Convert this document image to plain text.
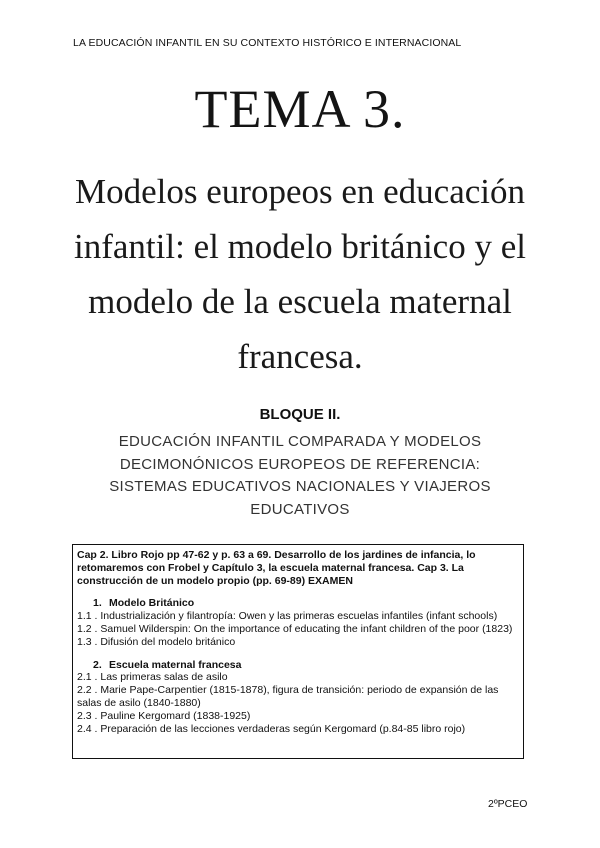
LA EDUCACIÓN INFANTIL EN SU CONTEXTO HISTÓRICO E INTERNACIONAL
TEMA 3.
Modelos europeos en educación infantil: el modelo británico y el modelo de la escuela maternal francesa.
BLOQUE II.
EDUCACIÓN INFANTIL COMPARADA Y MODELOS DECIMONÓNICOS EUROPEOS DE REFERENCIA: SISTEMAS EDUCATIVOS NACIONALES Y VIAJEROS EDUCATIVOS

Cap 2. Libro Rojo pp 47-62 y p. 63 a 69. Desarrollo de los jardines de infancia, lo retomaremos con Frobel y Capítulo 3, la escuela maternal francesa. Cap 3. La construcción de un modelo propio (pp. 69-89) EXAMEN

1. Modelo Británico

1.1 . Industrialización y filantropía: Owen y las primeras escuelas infantiles (infant schools)

1.2 . Samuel Wilderspin: On the importance of educating the infant children of the poor (1823)

1.3 . Difusión del modelo británico

2. Escuela maternal francesa

2.1 . Las primeras salas de asilo

2.2 . Marie Pape-Carpentier (1815-1878), figura de transición: periodo de expansión de las salas de asilo (1840-1880)

2.3 . Pauline Kergomard (1838-1925)

2.4 . Preparación de las lecciones verdaderas según Kergomard (p.84-85 libro rojo)

2ºPCEO
